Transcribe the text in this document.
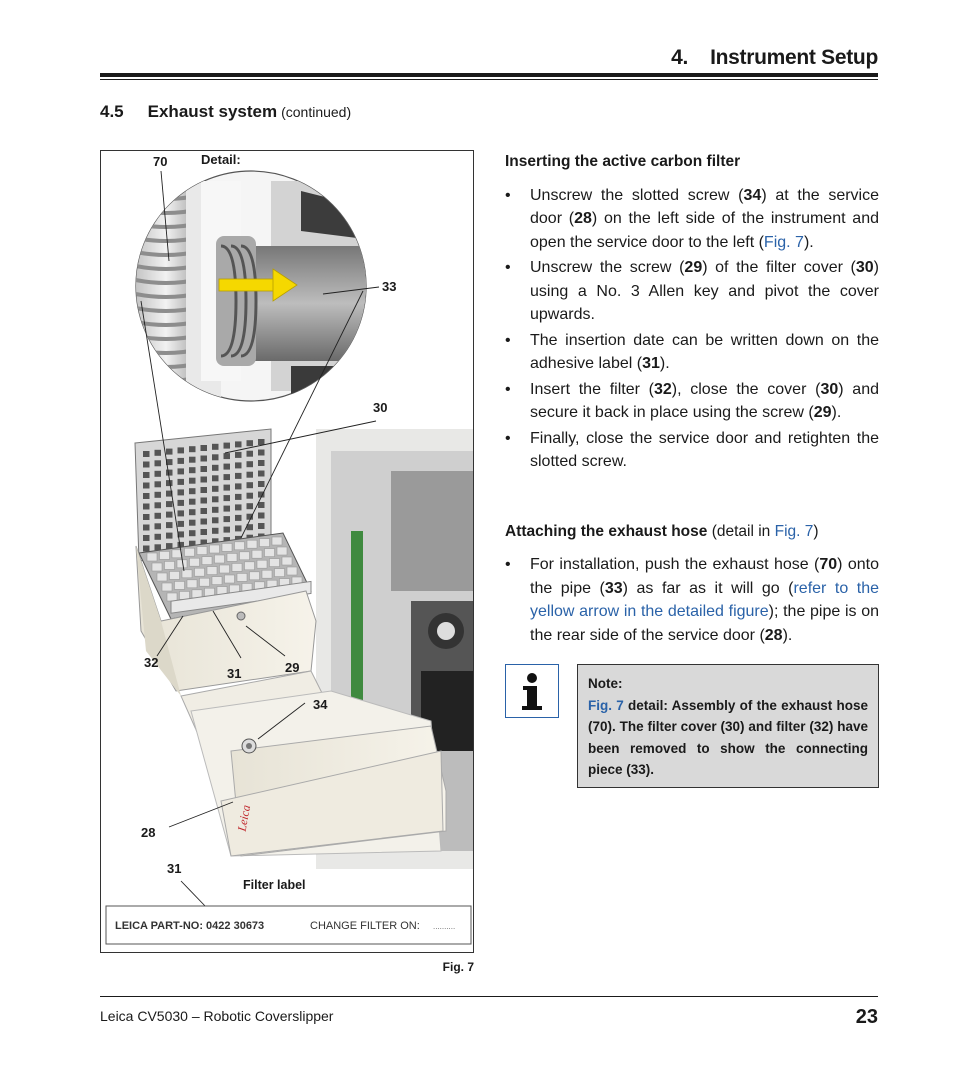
4.    Instrument Setup
4.5 Exhaust system (continued)
Leica
LEICA PART-NO: 0422 30673	CHANGE FILTER ON: ..........
70	Detail:
33
30
32
31	29
34
28
31
Filter label
Fig. 7
Inserting the active carbon filter
• Unscrew the slotted screw (34) at the service door (28) on the left side of the instrument and open the service door to the left (Fig. 7).
• Unscrew the screw (29) of the filter cover (30) using a No. 3 Allen key and pivot the cover upwards.
• The insertion date can be written down on the adhesive label (31).
• Insert the filter (32), close the cover (30) and secure it back in place using the screw (29).
• Finally, close the service door and retighten the slotted screw.
Attaching the exhaust hose (detail in Fig. 7)
• For installation, push the exhaust hose (70) onto the pipe (33) as far as it will go (refer to the yellow arrow in the detailed figure); the pipe is on the rear side of the service door (28).
Note:
Fig. 7 detail: Assembly of the exhaust hose (70). The filter cover (30) and filter (32) have been removed to show the connecting piece (33).
Leica CV5030 – Robotic Coverslipper	23
